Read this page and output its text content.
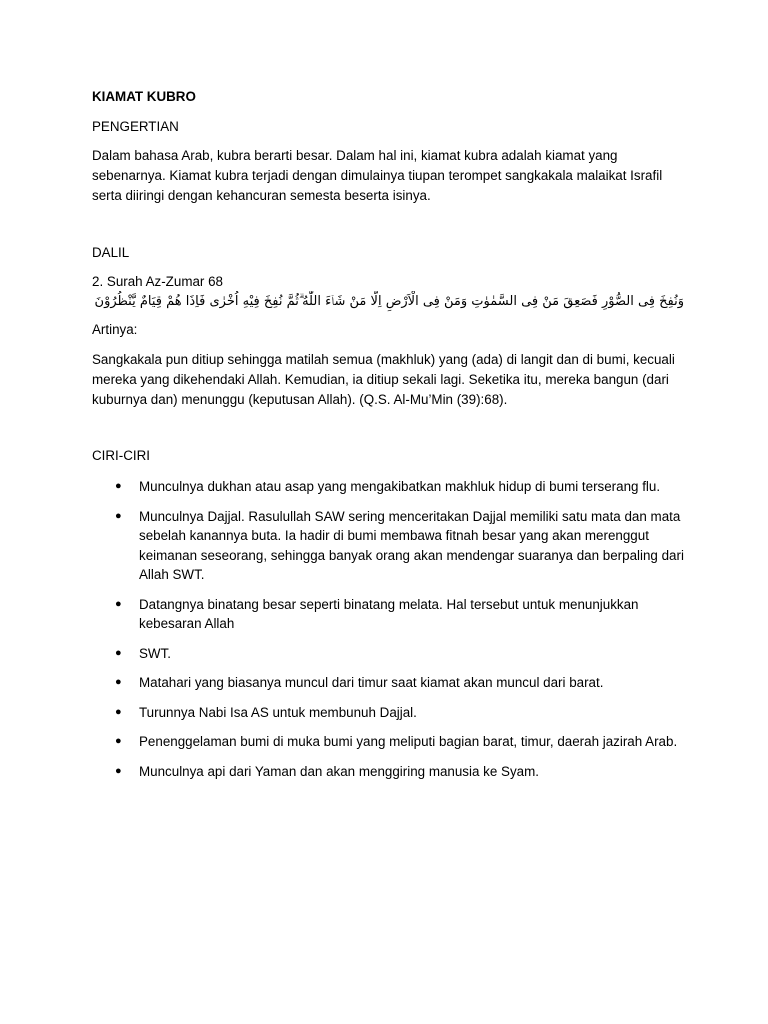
KIAMAT KUBRO
PENGERTIAN

Dalam bahasa Arab, kubra berarti besar. Dalam hal ini, kiamat kubra adalah kiamat yang sebenarnya. Kiamat kubra terjadi dengan dimulainya tiupan terompet sangkakala malaikat Israfil serta diiringi dengan kehancuran semesta beserta isinya.

DALIL
2. Surah Az-Zumar 68
وَنُفِخَ فِى الصُّوْرِ فَصَعِقَ مَنْ فِى السَّمٰوٰتِ وَمَنْ فِى الْاَرْضِ اِلَّا مَنْ شَاۤءَ اللّٰهُ ۗثُمَّ نُفِخَ فِيْهِ اُخْرٰى فَاِذَا هُمْ قِيَامٌ يَّنْظُرُوْنَ
Artinya:

Sangkakala pun ditiup sehingga matilah semua (makhluk) yang (ada) di langit dan di bumi, kecuali mereka yang dikehendaki Allah. Kemudian, ia ditiup sekali lagi. Seketika itu, mereka bangun (dari kuburnya dan) menunggu (keputusan Allah). (Q.S. Al-Mu’Min (39):68).

CIRI-CIRI
● Munculnya dukhan atau asap yang mengakibatkan makhluk hidup di bumi terserang flu.
● Munculnya Dajjal. Rasulullah SAW sering menceritakan Dajjal memiliki satu mata dan mata sebelah kanannya buta. Ia hadir di bumi membawa fitnah besar yang akan merenggut keimanan seseorang, sehingga banyak orang akan mendengar suaranya dan berpaling dari Allah SWT.
● Datangnya binatang besar seperti binatang melata. Hal tersebut untuk menunjukkan kebesaran Allah
● SWT.
● Matahari yang biasanya muncul dari timur saat kiamat akan muncul dari barat.
● Turunnya Nabi Isa AS untuk membunuh Dajjal.
● Penenggelaman bumi di muka bumi yang meliputi bagian barat, timur, daerah jazirah Arab.
● Munculnya api dari Yaman dan akan menggiring manusia ke Syam.
